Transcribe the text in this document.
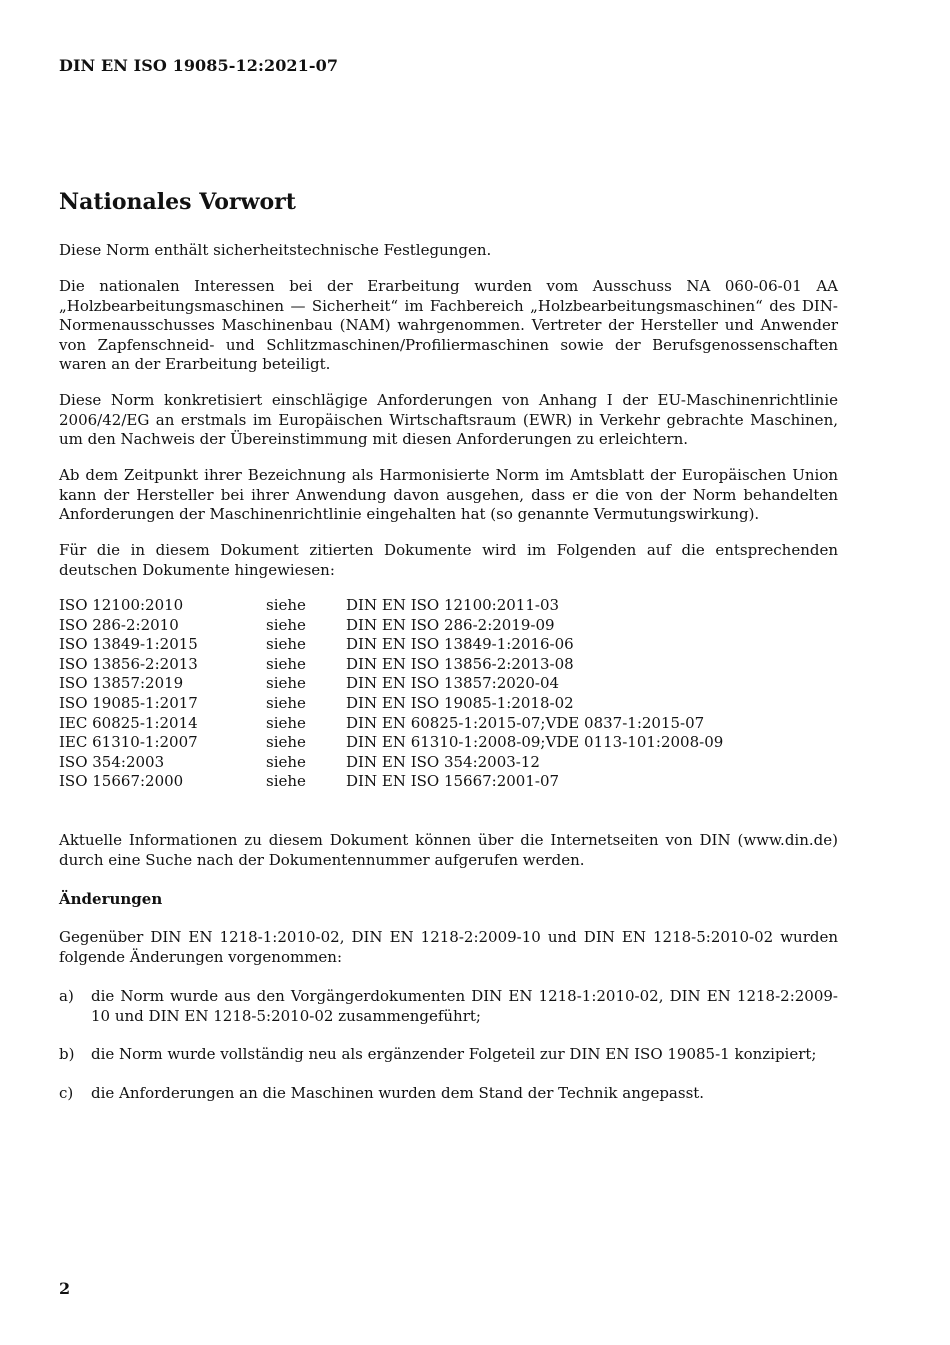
DIN EN ISO 19085-12:2021-07
Nationales Vorwort

Diese Norm enthält sicherheitstechnische Festlegungen.

Die nationalen Interessen bei der Erarbeitung wurden vom Ausschuss NA 060-06-01 AA „Holzbearbeitungsmaschinen — Sicherheit“ im Fachbereich „Holzbearbeitungsmaschinen“ des DIN-Normenausschusses Maschinenbau (NAM) wahrgenommen. Vertreter der Hersteller und Anwender von Zapfenschneid- und Schlitzmaschinen/Profiliermaschinen sowie der Berufsgenossenschaften waren an der Erarbeitung beteiligt.

Diese Norm konkretisiert einschlägige Anforderungen von Anhang I der EU-Maschinenrichtlinie 2006/42/EG an erstmals im Europäischen Wirtschaftsraum (EWR) in Verkehr gebrachte Maschinen, um den Nachweis der Übereinstimmung mit diesen Anforderungen zu erleichtern.

Ab dem Zeitpunkt ihrer Bezeichnung als Harmonisierte Norm im Amtsblatt der Europäischen Union kann der Hersteller bei ihrer Anwendung davon ausgehen, dass er die von der Norm behandelten Anforderungen der Maschinenrichtlinie eingehalten hat (so genannte Vermutungswirkung).

Für die in diesem Dokument zitierten Dokumente wird im Folgenden auf die entsprechenden deutschen Dokumente hingewiesen:

ISO 12100:2010	siehe	DIN EN ISO 12100:2011-03
ISO 286-2:2010	siehe	DIN EN ISO 286-2:2019-09
ISO 13849-1:2015	siehe	DIN EN ISO 13849-1:2016-06
ISO 13856-2:2013	siehe	DIN EN ISO 13856-2:2013-08
ISO 13857:2019	siehe	DIN EN ISO 13857:2020-04
ISO 19085-1:2017	siehe	DIN EN ISO 19085-1:2018-02
IEC 60825-1:2014	siehe	DIN EN 60825-1:2015-07;VDE 0837-1:2015-07
IEC 61310-1:2007	siehe	DIN EN 61310-1:2008-09;VDE 0113-101:2008-09
ISO 354:2003	siehe	DIN EN ISO 354:2003-12
ISO 15667:2000	siehe	DIN EN ISO 15667:2001-07

Aktuelle Informationen zu diesem Dokument können über die Internetseiten von DIN (www.din.de) durch eine Suche nach der Dokumentennummer aufgerufen werden.

Änderungen

Gegenüber DIN EN 1218-1:2010-02, DIN EN 1218-2:2009-10 und DIN EN 1218-5:2010-02 wurden folgende Änderungen vorgenommen:

a)	die Norm wurde aus den Vorgängerdokumenten DIN EN 1218-1:2010-02, DIN EN 1218-2:2009-10 und DIN EN 1218-5:2010-02 zusammengeführt;
b)	die Norm wurde vollständig neu als ergänzender Folgeteil zur DIN EN ISO 19085-1 konzipiert;
c)	die Anforderungen an die Maschinen wurden dem Stand der Technik angepasst.
2
